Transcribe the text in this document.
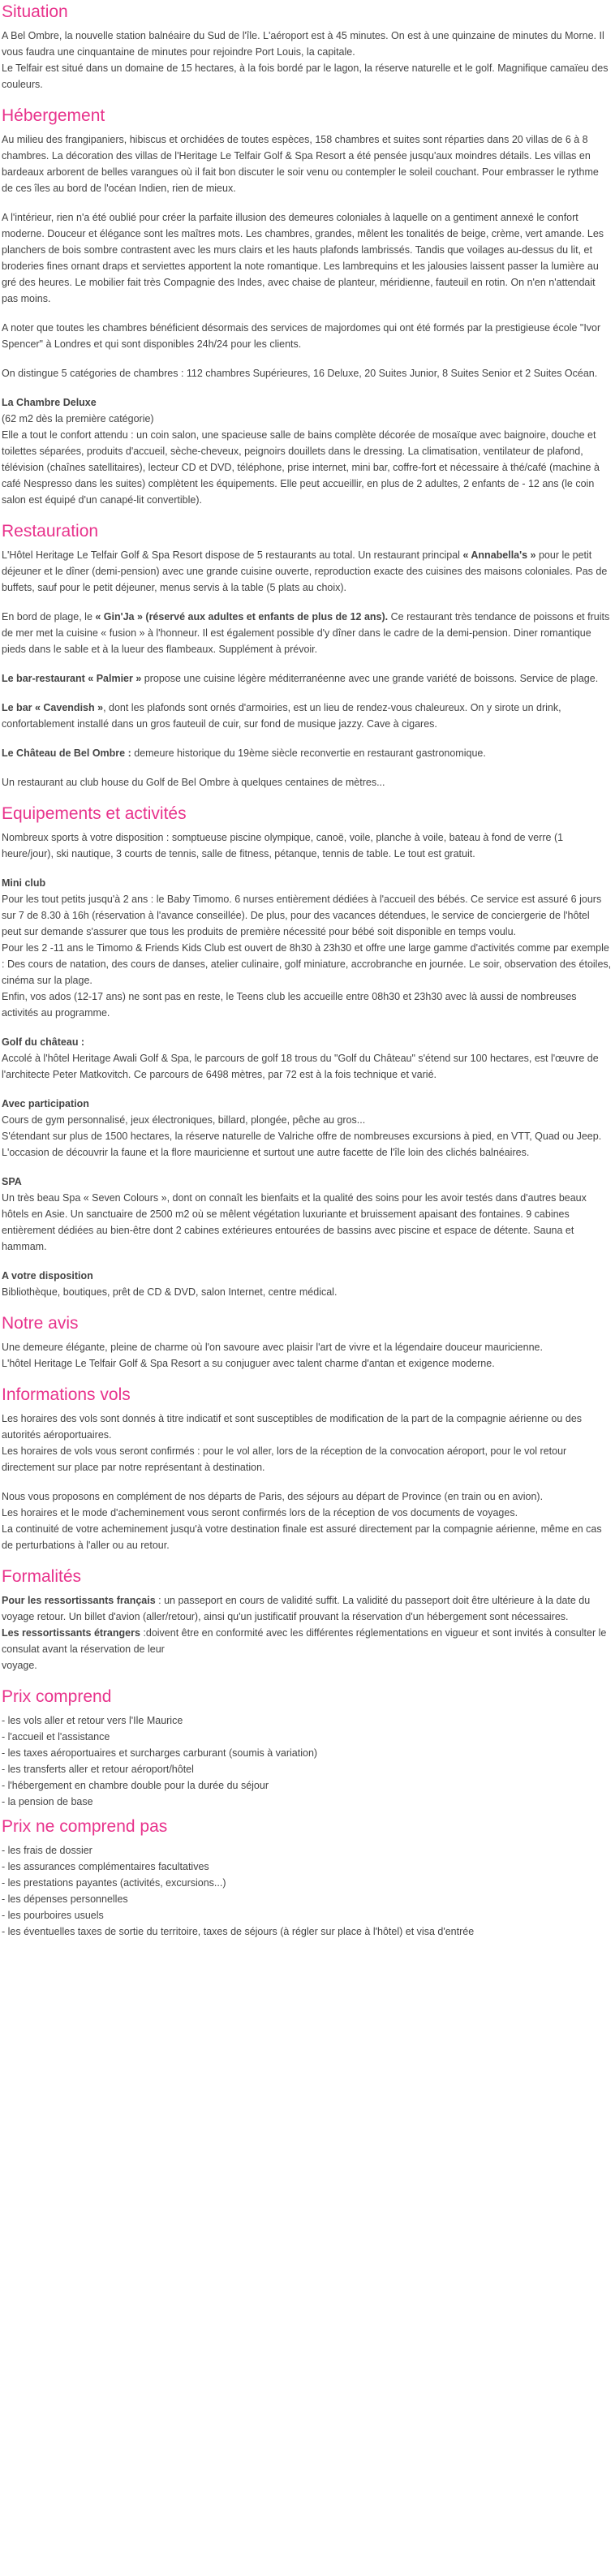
Situation

A Bel Ombre, la nouvelle station balnéaire du Sud de l'île. L'aéroport est à 45 minutes. On est à une quinzaine de minutes du Morne. Il vous faudra une cinquantaine de minutes pour rejoindre Port Louis, la capitale.

Le Telfair est situé dans un domaine de 15 hectares, à la fois bordé par le lagon, la réserve naturelle et le golf. Magnifique camaïeu des couleurs.

Hébergement

Au milieu des frangipaniers, hibiscus et orchidées de toutes espèces, 158 chambres et suites sont réparties dans 20 villas de 6 à 8 chambres. La décoration des villas de l'Heritage Le Telfair Golf & Spa Resort a été pensée jusqu'aux moindres détails. Les villas en bardeaux arborent de belles varangues où il fait bon discuter le soir venu ou contempler le soleil couchant. Pour embrasser le rythme de ces îles au bord de l'océan Indien, rien de mieux.

A l'intérieur, rien n'a été oublié pour créer la parfaite illusion des demeures coloniales à laquelle on a gentiment annexé le confort moderne. Douceur et élégance sont les maîtres mots. Les chambres, grandes, mêlent les tonalités de beige, crème, vert amande. Les planchers de bois sombre contrastent avec les murs clairs et les hauts plafonds lambrissés. Tandis que voilages au-dessus du lit, et broderies fines ornant draps et serviettes apportent la note romantique. Les lambrequins et les jalousies laissent passer la lumière au gré des heures. Le mobilier fait très Compagnie des Indes, avec chaise de planteur, méridienne, fauteuil en rotin. On n'en n'attendait pas moins.

A noter que toutes les chambres bénéficient désormais des services de majordomes qui ont été formés par la prestigieuse école "Ivor Spencer" à Londres et qui sont disponibles 24h/24 pour les clients.

On distingue 5 catégories de chambres : 112 chambres Supérieures, 16 Deluxe, 20 Suites Junior, 8 Suites Senior et 2 Suites Océan.

La Chambre Deluxe

(62 m2 dès la première catégorie)

Elle a tout le confort attendu : un coin salon, une spacieuse salle de bains complète décorée de mosaïque avec baignoire, douche et toilettes séparées, produits d'accueil, sèche-cheveux, peignoirs douillets dans le dressing. La climatisation, ventilateur de plafond, télévision (chaînes satellitaires), lecteur CD et DVD, téléphone, prise internet, mini bar, coffre-fort et nécessaire à thé/café (machine à café Nespresso dans les suites) complètent les équipements. Elle peut accueillir, en plus de 2 adultes, 2 enfants de - 12 ans (le coin salon est équipé d'un canapé-lit convertible).

Restauration

L'Hôtel Heritage Le Telfair Golf & Spa Resort dispose de 5 restaurants au total. Un restaurant principal « Annabella's » pour le petit déjeuner et le dîner (demi-pension) avec une grande cuisine ouverte, reproduction exacte des cuisines des maisons coloniales. Pas de buffets, sauf pour le petit déjeuner, menus servis à la table (5 plats au choix).

En bord de plage, le « Gin'Ja » (réservé aux adultes et enfants de plus de 12 ans). Ce restaurant très tendance de poissons et fruits de mer met la cuisine « fusion » à l'honneur. Il est également possible d'y dîner dans le cadre de la demi-pension. Diner romantique pieds dans le sable et à la lueur des flambeaux. Supplément à prévoir.

Le bar-restaurant « Palmier » propose une cuisine légère méditerranéenne avec une grande variété de boissons. Service de plage.

Le bar « Cavendish », dont les plafonds sont ornés d'armoiries, est un lieu de rendez-vous chaleureux. On y sirote un drink, confortablement installé dans un gros fauteuil de cuir, sur fond de musique jazzy. Cave à cigares.

Le Château de Bel Ombre : demeure historique du 19ème siècle reconvertie en restaurant gastronomique.

Un restaurant au club house du Golf de Bel Ombre à quelques centaines de mètres...

Equipements et activités

Nombreux sports à votre disposition : somptueuse piscine olympique, canoë, voile, planche à voile, bateau à fond de verre (1 heure/jour), ski nautique, 3 courts de tennis, salle de fitness, pétanque, tennis de table. Le tout est gratuit.

Mini club

Pour les tout petits jusqu'à 2 ans : le Baby Timomo. 6 nurses entièrement dédiées à l'accueil des bébés. Ce service est assuré 6 jours sur 7 de 8.30 à 16h (réservation à l'avance conseillée). De plus, pour des vacances détendues, le service de conciergerie de l'hôtel peut sur demande s'assurer que tous les produits de première nécessité pour bébé soit disponible en temps voulu.

Pour les 2 -11 ans le Timomo & Friends Kids Club est ouvert de 8h30 à 23h30 et offre une large gamme d'activités comme par exemple : Des cours de natation, des cours de danses, atelier culinaire, golf miniature, accrobranche en journée. Le soir, observation des étoiles, cinéma sur la plage.

Enfin, vos ados (12-17 ans) ne sont pas en reste, le Teens club les accueille entre 08h30 et 23h30 avec là aussi de nombreuses activités au programme.

Golf du château :

Accolé à l'hôtel Heritage Awali Golf & Spa, le parcours de golf 18 trous du "Golf du Château" s'étend sur 100 hectares, est l'œuvre de l'architecte Peter Matkovitch. Ce parcours de 6498 mètres, par 72 est à la fois technique et varié.

Avec participation

Cours de gym personnalisé, jeux électroniques, billard, plongée, pêche au gros...

S'étendant sur plus de 1500 hectares, la réserve naturelle de Valriche offre de nombreuses excursions à pied, en VTT, Quad ou Jeep. L'occasion de découvrir la faune et la flore mauricienne et surtout une autre facette de l'île loin des clichés balnéaires.

SPA

Un très beau Spa « Seven Colours », dont on connaît les bienfaits et la qualité des soins pour les avoir testés dans d'autres beaux hôtels en Asie. Un sanctuaire de 2500 m2 où se mêlent végétation luxuriante et bruissement apaisant des fontaines. 9 cabines entièrement dédiées au bien-être dont 2 cabines extérieures entourées de bassins avec piscine et espace de détente. Sauna et hammam.

A votre disposition

Bibliothèque, boutiques, prêt de CD & DVD, salon Internet, centre médical.

Notre avis

Une demeure élégante, pleine de charme où l'on savoure avec plaisir l'art de vivre et la légendaire douceur mauricienne.

L'hôtel Heritage Le Telfair Golf & Spa Resort a su conjuguer avec talent charme d'antan et exigence moderne.

Informations vols

Les horaires des vols sont donnés à titre indicatif et sont susceptibles de modification de la part de la compagnie aérienne ou des autorités aéroportuaires.

Les horaires de vols vous seront confirmés : pour le vol aller, lors de la réception de la convocation aéroport, pour le vol retour directement sur place par notre représentant à destination.

Nous vous proposons en complément de nos départs de Paris, des séjours au départ de Province (en train ou en avion).

Les horaires et le mode d'acheminement vous seront confirmés lors de la réception de vos documents de voyages.

La continuité de votre acheminement jusqu'à votre destination finale est assuré directement par la compagnie aérienne, même en cas de perturbations à l'aller ou au retour.

Formalités

Pour les ressortissants français : un passeport en cours de validité suffit. La validité du passeport doit être ultérieure à la date du voyage retour. Un billet d'avion (aller/retour), ainsi qu'un justificatif prouvant la réservation d'un hébergement sont nécessaires.

Les ressortissants étrangers :doivent être en conformité avec les différentes réglementations en vigueur et sont invités à consulter le consulat avant la réservation de leur

voyage.

Prix comprend
- les vols aller et retour vers l'Ile Maurice
- l'accueil et l'assistance
- les taxes aéroportuaires et surcharges carburant (soumis à variation)
- les transferts aller et retour aéroport/hôtel
- l'hébergement en chambre double pour la durée du séjour
- la pension de base
Prix ne comprend pas
- les frais de dossier
- les assurances complémentaires facultatives
- les prestations payantes (activités, excursions...)
- les dépenses personnelles
- les pourboires usuels
- les éventuelles taxes de sortie du territoire, taxes de séjours (à régler sur place à l'hôtel) et visa d'entrée
